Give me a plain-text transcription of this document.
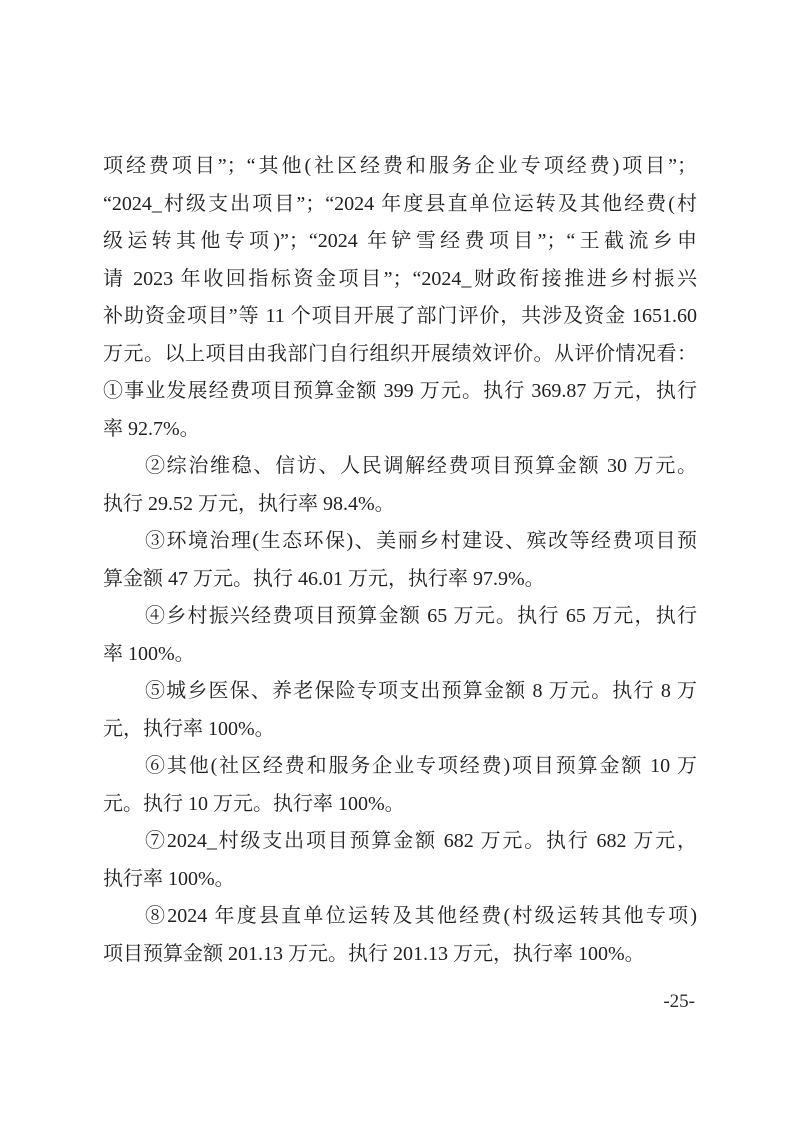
项经费项目”；“其他(社区经费和服务企业专项经费)项目”；
“2024_村级支出项目”；“2024 年度县直单位运转及其他经费(村
级运转其他专项)”；“2024 年铲雪经费项目”；“王截流乡申
请 2023 年收回指标资金项目”；“2024_财政衔接推进乡村振兴
补助资金项目”等 11 个项目开展了部门评价，共涉及资金 1651.60
万元。以上项目由我部门自行组织开展绩效评价。从评价情况看：
①事业发展经费项目预算金额 399 万元。执行 369.87 万元，执行
率 92.7%。
②综治维稳、信访、人民调解经费项目预算金额 30 万元。
执行 29.52 万元，执行率 98.4%。
③环境治理(生态环保)、美丽乡村建设、殡改等经费项目预
算金额 47 万元。执行 46.01 万元，执行率 97.9%。
④乡村振兴经费项目预算金额 65 万元。执行 65 万元，执行
率 100%。
⑤城乡医保、养老保险专项支出预算金额 8 万元。执行 8 万
元，执行率 100%。
⑥其他(社区经费和服务企业专项经费)项目预算金额 10 万
元。执行 10 万元。执行率 100%。
⑦2024_村级支出项目预算金额 682 万元。执行 682 万元，
执行率 100%。
⑧2024 年度县直单位运转及其他经费(村级运转其他专项)
项目预算金额 201.13 万元。执行 201.13 万元，执行率 100%。
-25-
